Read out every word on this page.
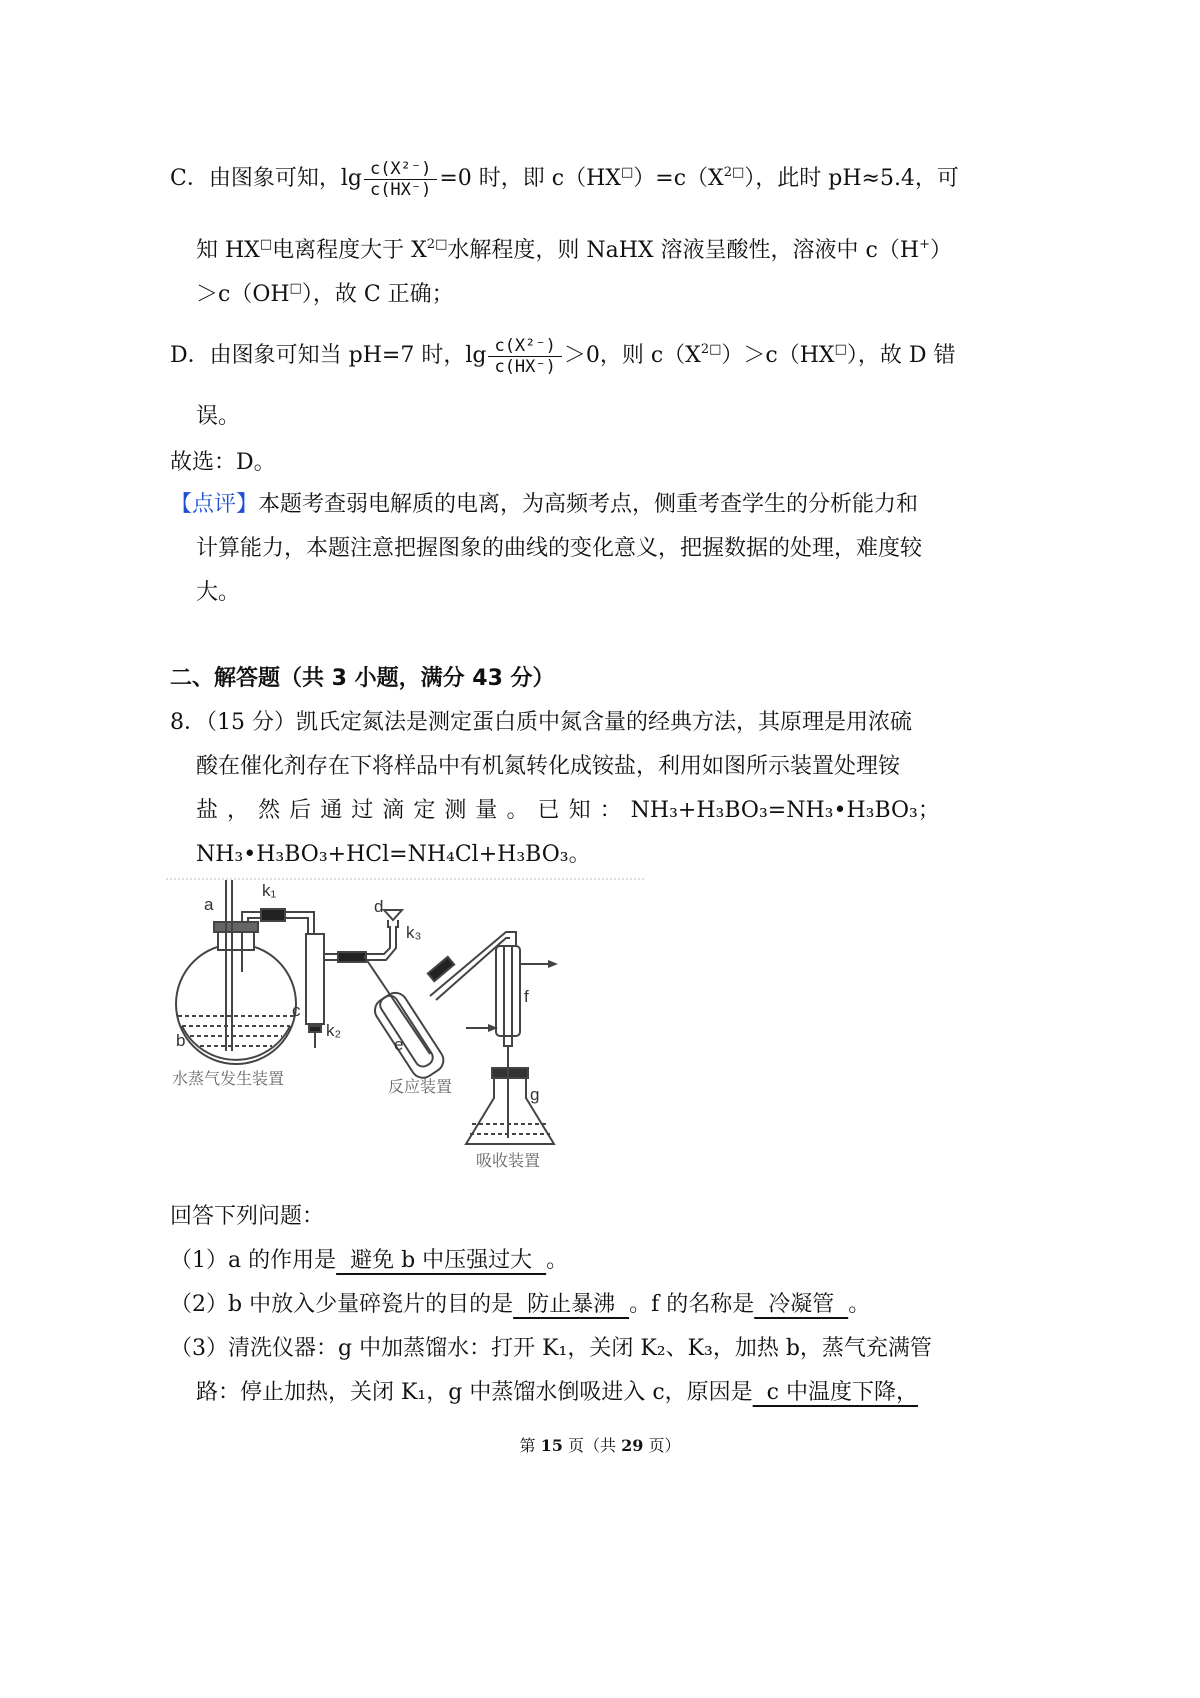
C．由图象可知，$\lg \frac{\text{c(X²⁻)}}{c(HX^-)} =0$ 时，即 $c(HX^□)=c(X^{2□})$，此时 pH≈5.4，可
知 HX□电离程度大于 $X^{2□}$水解程度，则 NaHX 溶液呈酸性，溶液中 c（H+）
＞c（OH□），故 C 正确；
D．由图象可知当 pH=7 时，$\lg \frac{\text{c(X²⁻)}}{c(HX^-)} >0$，则 $c(X^{2□})>c(HX^□)$，故 D 错
误。
故选：D。
【点评】本题考查弱电解质的电离，为高频考点，侧重考查学生的分析能力和
计算能力，本题注意把握图象的曲线的变化意义，把握数据的处理，难度较
大。
二、解答题（共 3 小题，满分 43 分）
8．（15 分）凯氏定氮法是测定蛋白质中氮含量的经典方法，其原理是用浓硫
酸在催化剂存在下将样品中有机氮转化成铵盐，利用如图所示装置处理铵
盐 ， 然 后 通 过 滴 定 测 量 。 已 知 ： NH₃+H₃BO₃=NH₃•H₃BO₃；
NH₃•H₃BO₃+HCl=NH₄Cl+H₃BO₃。
a
b
c
d
e
f
g
k₁
k₂
k₃
水蒸气发生装置	反应装置
吸收装置
回答下列问题：
（1）a 的作用是  避免 b 中压强过大  。
（2）b 中放入少量碎瓷片的目的是  防止暴沸  。f 的名称是  冷凝管  。
（3）清洗仪器：g 中加蒸馏水：打开 K₁，关闭 K₂、K₃，加热 b，蒸气充满管
路：停止加热，关闭 K₁，g 中蒸馏水倒吸进入 c，原因是  c 中温度下降，
第 15 页（共 29 页）
